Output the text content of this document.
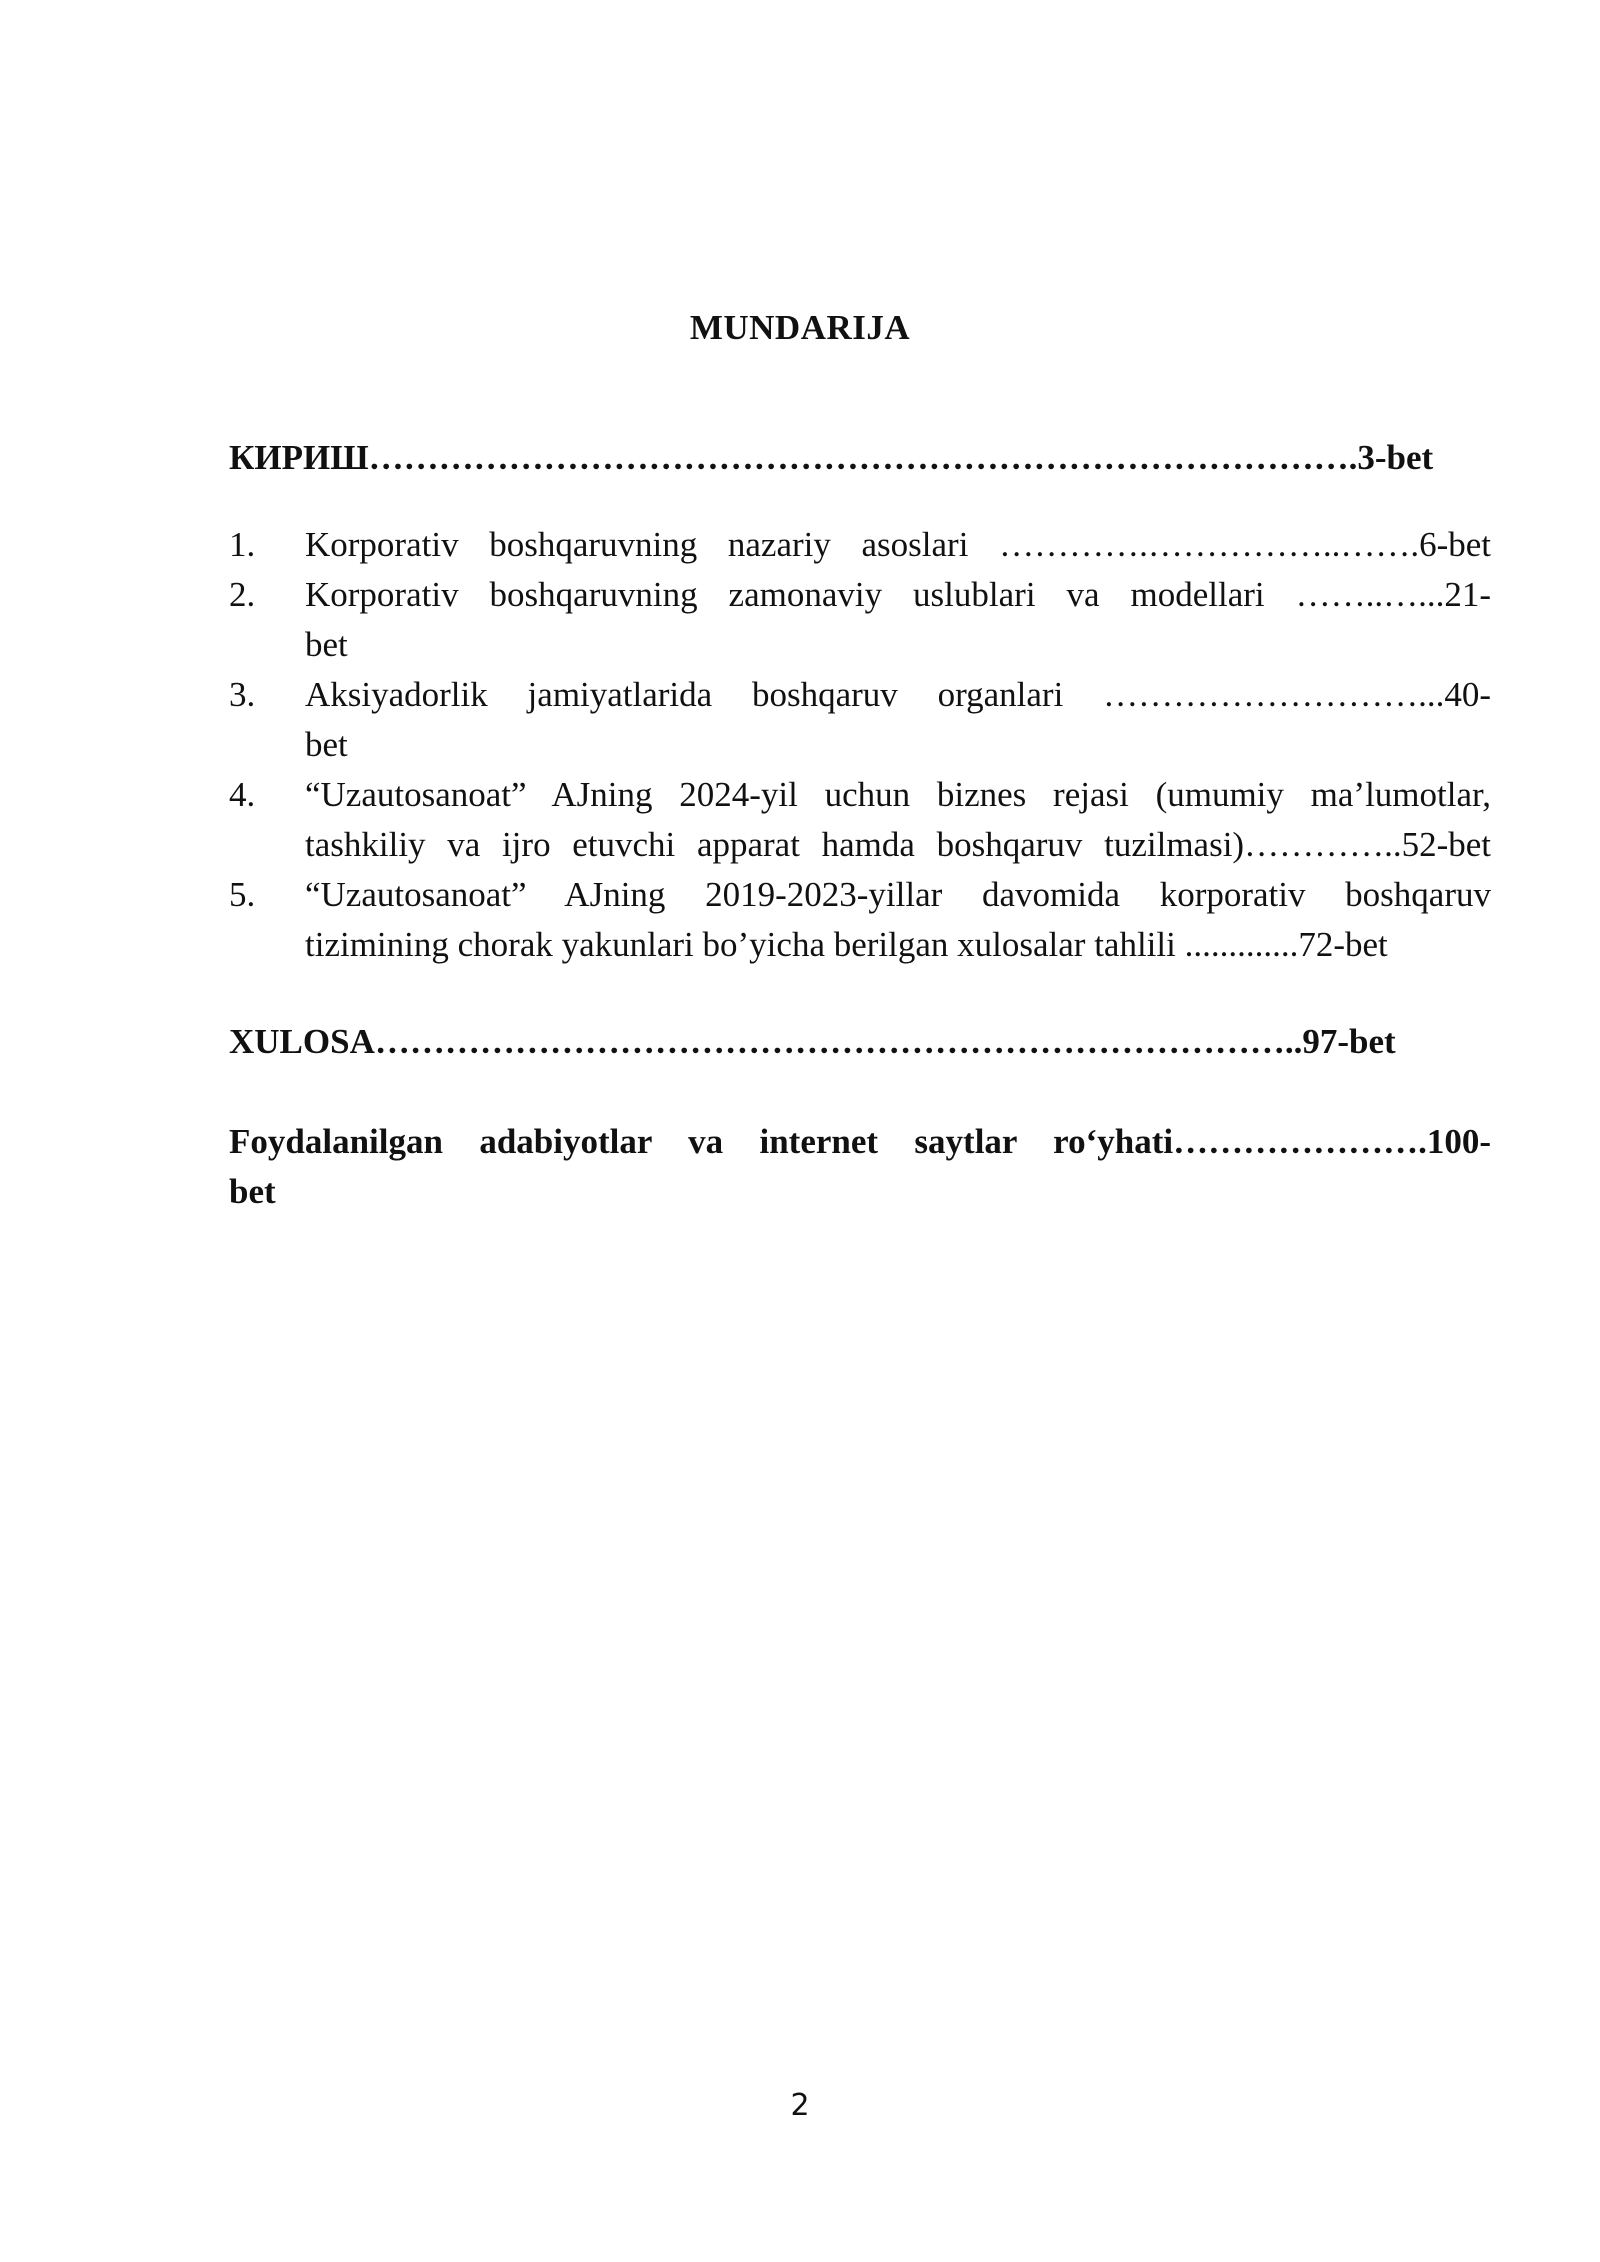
MUNDARIJA
КИРИШ………………………………………………………………………….3-bet
1.	Korporativ boshqaruvning nazariy asoslari ………….……………..…….6-bet
2.	Korporativ boshqaruvning zamonaviy uslublari va modellari ……..…...21-
bet
3.	Aksiyadorlik jamiyatlarida boshqaruv organlari ………………………...40-
bet
4.	“Uzautosanoat” AJning 2024-yil uchun biznes rejasi (umumiy ma’lumotlar,
tashkiliy va ijro etuvchi apparat hamda boshqaruv tuzilmasi)…………..52-bet
5.	“Uzautosanoat” AJning 2019-2023-yillar davomida korporativ boshqaruv
tizimining chorak yakunlari bo’yicha berilgan xulosalar tahlili .............72-bet
XULOSA……………………………………………………………………..97-bet
Foydalanilgan adabiyotlar va internet saytlar ro‘yhati………………….100-
bet
2
